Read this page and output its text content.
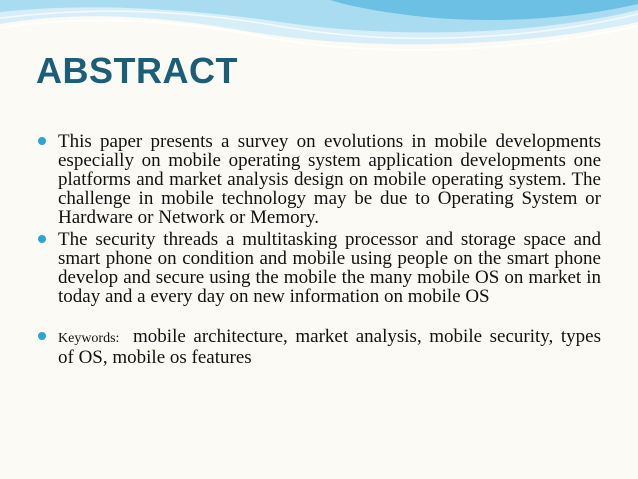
ABSTRACT
This paper presents a survey on evolutions in mobile developments especially on mobile operating system application developments one platforms and market analysis design on mobile operating system. The challenge in mobile technology may be due to Operating System or Hardware or Network or Memory.
The security threads a multitasking processor and storage space and smart phone on condition and mobile using people on the smart phone develop and secure using the mobile the many mobile OS on market in today and a every day on new information on mobile OS
Keywords: mobile architecture, market analysis, mobile security, types of OS, mobile os features
